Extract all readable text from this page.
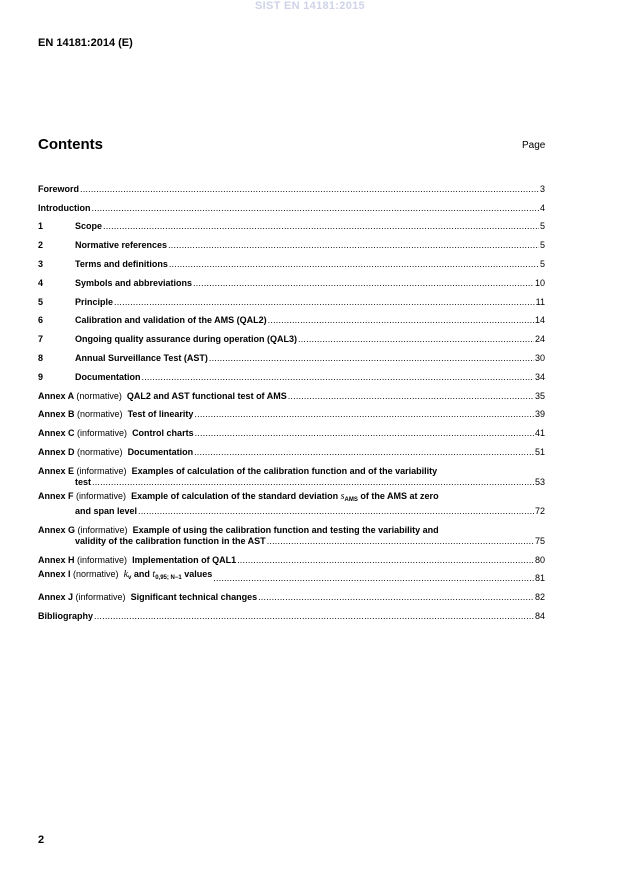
SIST EN 14181:2015
EN 14181:2014 (E)
Contents	Page
Foreword .....	3
Introduction .....	4
1	Scope .....	5
2	Normative references .....	5
3	Terms and definitions .....	5
4	Symbols and abbreviations .....	10
5	Principle .....	11
6	Calibration and validation of the AMS (QAL2) .....	14
7	Ongoing quality assurance during operation (QAL3) .....	24
8	Annual Surveillance Test (AST) .....	30
9	Documentation .....	34
Annex A (normative) QAL2 and AST functional test of AMS .....	35
Annex B (normative) Test of linearity .....	39
Annex C (informative) Control charts .....	41
Annex D (normative) Documentation .....	51
Annex E (informative) Examples of calculation of the calibration function and of the variability
test .....	53
Annex F (informative) Example of calculation of the standard deviation $s_{AMS}$ of the AMS at zero
and span level .....	72
Annex G (informative) Example of using the calibration function and testing the variability and
validity of the calibration function in the AST .....	75
Annex H (informative) Implementation of QAL1 .....	80
Annex I (normative) $k_v$ and $t_{0,95; N-1}$ values .....	81
Annex J (informative) Significant technical changes .....	82
Bibliography .....	84
2
